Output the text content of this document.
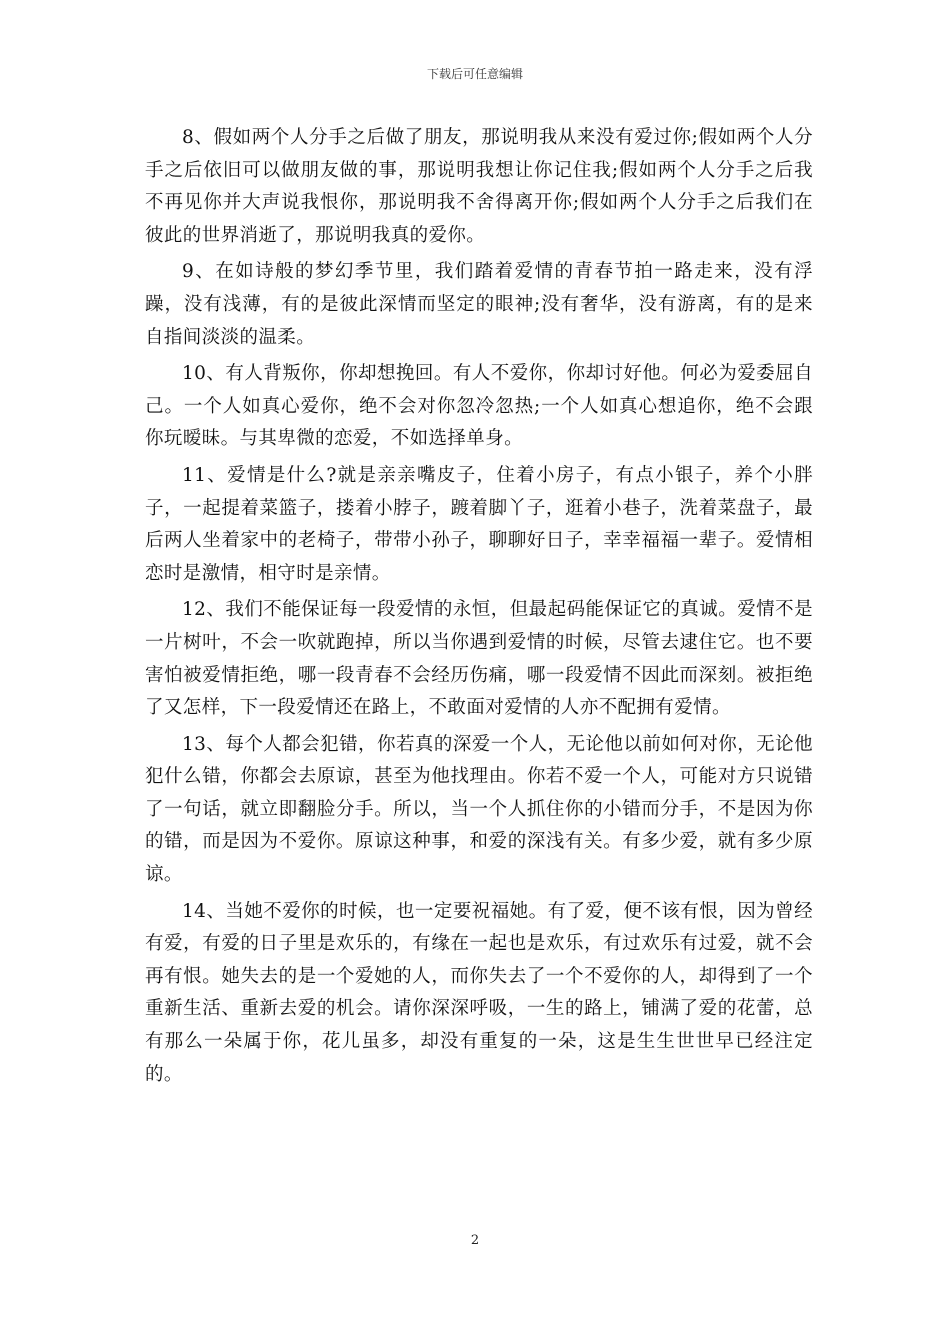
下载后可任意编辑

8、假如两个人分手之后做了朋友，那说明我从来没有爱过你;假如两个人分手之后依旧可以做朋友做的事，那说明我想让你记住我;假如两个人分手之后我不再见你并大声说我恨你，那说明我不舍得离开你;假如两个人分手之后我们在彼此的世界消逝了，那说明我真的爱你。

9、在如诗般的梦幻季节里，我们踏着爱情的青春节拍一路走来，没有浮躁，没有浅薄，有的是彼此深情而坚定的眼神;没有奢华，没有游离，有的是来自指间淡淡的温柔。

10、有人背叛你，你却想挽回。有人不爱你，你却讨好他。何必为爱委屈自己。一个人如真心爱你，绝不会对你忽冷忽热;一个人如真心想追你，绝不会跟你玩暧昧。与其卑微的恋爱，不如选择单身。

11、爱情是什么?就是亲亲嘴皮子，住着小房子，有点小银子，养个小胖子，一起提着菜篮子，搂着小脖子，踱着脚丫子，逛着小巷子，洗着菜盘子，最后两人坐着家中的老椅子，带带小孙子，聊聊好日子，幸幸福福一辈子。爱情相恋时是激情，相守时是亲情。

12、我们不能保证每一段爱情的永恒，但最起码能保证它的真诚。爱情不是一片树叶，不会一吹就跑掉，所以当你遇到爱情的时候，尽管去逮住它。也不要害怕被爱情拒绝，哪一段青春不会经历伤痛，哪一段爱情不因此而深刻。被拒绝了又怎样，下一段爱情还在路上，不敢面对爱情的人亦不配拥有爱情。

13、每个人都会犯错，你若真的深爱一个人，无论他以前如何对你，无论他犯什么错，你都会去原谅，甚至为他找理由。你若不爱一个人，可能对方只说错了一句话，就立即翻脸分手。所以，当一个人抓住你的小错而分手，不是因为你的错，而是因为不爱你。原谅这种事，和爱的深浅有关。有多少爱，就有多少原谅。

14、当她不爱你的时候，也一定要祝福她。有了爱，便不该有恨，因为曾经有爱，有爱的日子里是欢乐的，有缘在一起也是欢乐，有过欢乐有过爱，就不会再有恨。她失去的是一个爱她的人，而你失去了一个不爱你的人，却得到了一个重新生活、重新去爱的机会。请你深深呼吸，一生的路上，铺满了爱的花蕾，总有那么一朵属于你，花儿虽多，却没有重复的一朵，这是生生世世早已经注定的。

2
